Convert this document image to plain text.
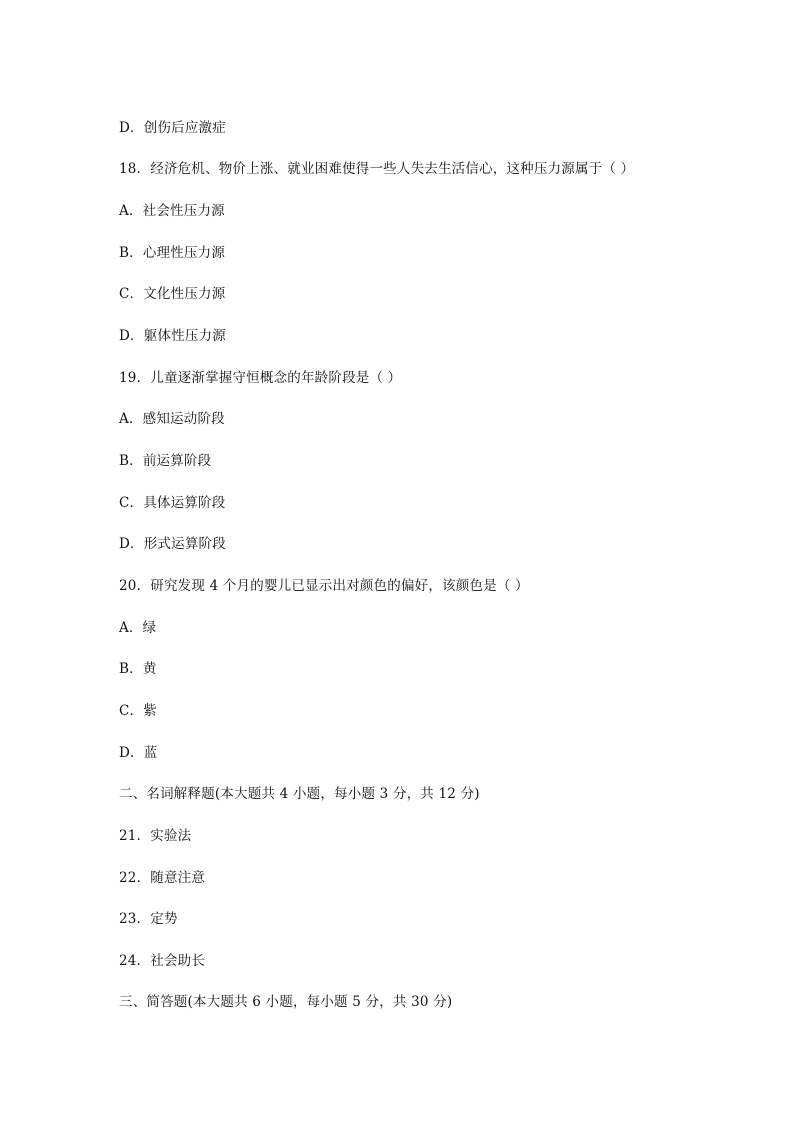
D．创伤后应激症
18．经济危机、物价上涨、就业困难使得一些人失去生活信心，这种压力源属于（ ）
A．社会性压力源
B．心理性压力源
C．文化性压力源
D．躯体性压力源
19．儿童逐渐掌握守恒概念的年龄阶段是（ ）
A．感知运动阶段
B．前运算阶段
C．具体运算阶段
D．形式运算阶段
20．研究发现 4 个月的婴儿已显示出对颜色的偏好，该颜色是（ ）
A．绿
B．黄
C．紫
D．蓝
二、名词解释题(本大题共 4 小题，每小题 3 分，共 12 分)
21．实验法
22．随意注意
23．定势
24．社会助长
三、简答题(本大题共 6 小题，每小题 5 分，共 30 分)
